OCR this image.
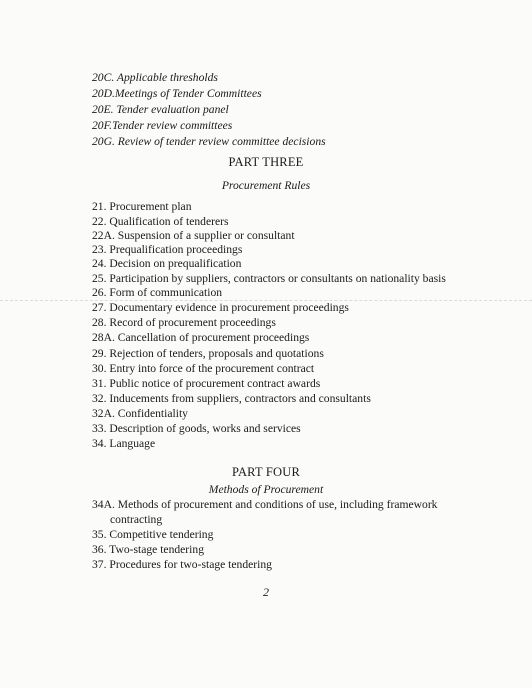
20C. Applicable thresholds
20D.Meetings of Tender Committees
20E. Tender evaluation panel
20F.Tender review committees
20G. Review of tender review committee decisions
PART THREE
Procurement Rules
21. Procurement plan
22. Qualification of tenderers
22A. Suspension of a supplier or consultant
23. Prequalification proceedings
24. Decision on prequalification
25. Participation by suppliers, contractors or consultants on nationality basis
26. Form of communication
27. Documentary evidence in procurement proceedings
28. Record of procurement proceedings
28A. Cancellation of procurement proceedings
29. Rejection of tenders, proposals and quotations
30. Entry into force of the procurement contract
31. Public notice of procurement contract awards
32. Inducements from suppliers, contractors and consultants
32A. Confidentiality
33. Description of goods, works and services
34. Language
PART FOUR
Methods of Procurement
34A. Methods of procurement and conditions of use, including framework
contracting
35. Competitive tendering
36. Two-stage tendering
37. Procedures for two-stage tendering
2
